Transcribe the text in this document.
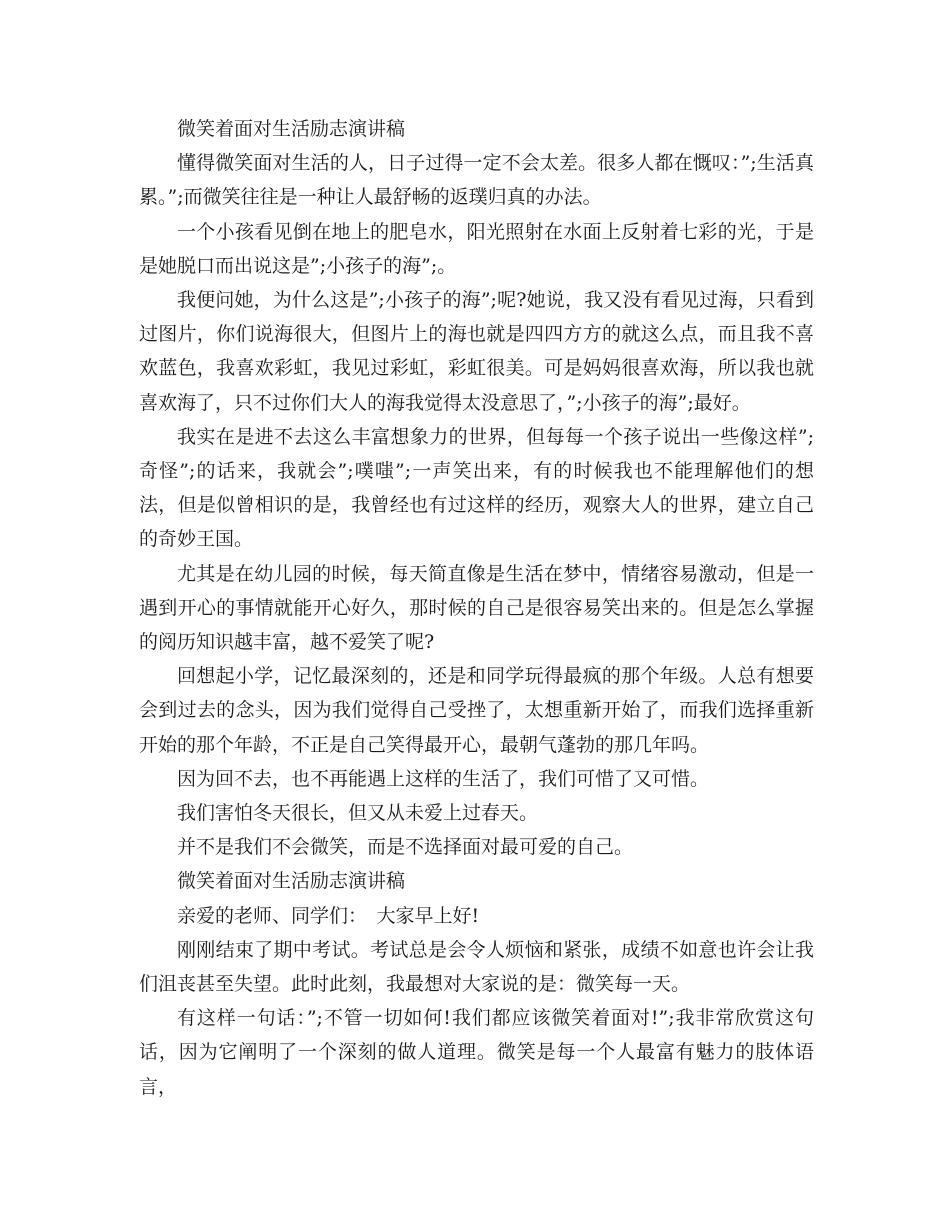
微笑着面对生活励志演讲稿

懂得微笑面对生活的人，日子过得一定不会太差。很多人都在慨叹：”;生活真累。”;而微笑往往是一种让人最舒畅的返璞归真的办法。

一个小孩看见倒在地上的肥皂水，阳光照射在水面上反射着七彩的光，于是是她脱口而出说这是”;小孩子的海”;。

我便问她，为什么这是”;小孩子的海”;呢?她说，我又没有看见过海，只看到过图片，你们说海很大，但图片上的海也就是四四方方的就这么点，而且我不喜欢蓝色，我喜欢彩虹，我见过彩虹，彩虹很美。可是妈妈很喜欢海，所以我也就喜欢海了，只不过你们大人的海我觉得太没意思了，”;小孩子的海”;最好。

我实在是进不去这么丰富想象力的世界，但每每一个孩子说出一些像这样”;奇怪”;的话来，我就会”;噗嗤”;一声笑出来，有的时候我也不能理解他们的想法，但是似曾相识的是，我曾经也有过这样的经历，观察大人的世界，建立自己的奇妙王国。

尤其是在幼儿园的时候，每天简直像是生活在梦中，情绪容易激动，但是一遇到开心的事情就能开心好久，那时候的自己是很容易笑出来的。但是怎么掌握的阅历知识越丰富，越不爱笑了呢?

回想起小学，记忆最深刻的，还是和同学玩得最疯的那个年级。人总有想要会到过去的念头，因为我们觉得自己受挫了，太想重新开始了，而我们选择重新开始的那个年龄，不正是自己笑得最开心，最朝气蓬勃的那几年吗。

因为回不去，也不再能遇上这样的生活了，我们可惜了又可惜。

我们害怕冬天很长，但又从未爱上过春天。

并不是我们不会微笑，而是不选择面对最可爱的自己。

微笑着面对生活励志演讲稿

亲爱的老师、同学们：　大家早上好!

刚刚结束了期中考试。考试总是会令人烦恼和紧张，成绩不如意也许会让我们沮丧甚至失望。此时此刻，我最想对大家说的是：微笑每一天。

有这样一句话：”;不管一切如何!我们都应该微笑着面对!”;我非常欣赏这句话，因为它阐明了一个深刻的做人道理。微笑是每一个人最富有魅力的肢体语言，
